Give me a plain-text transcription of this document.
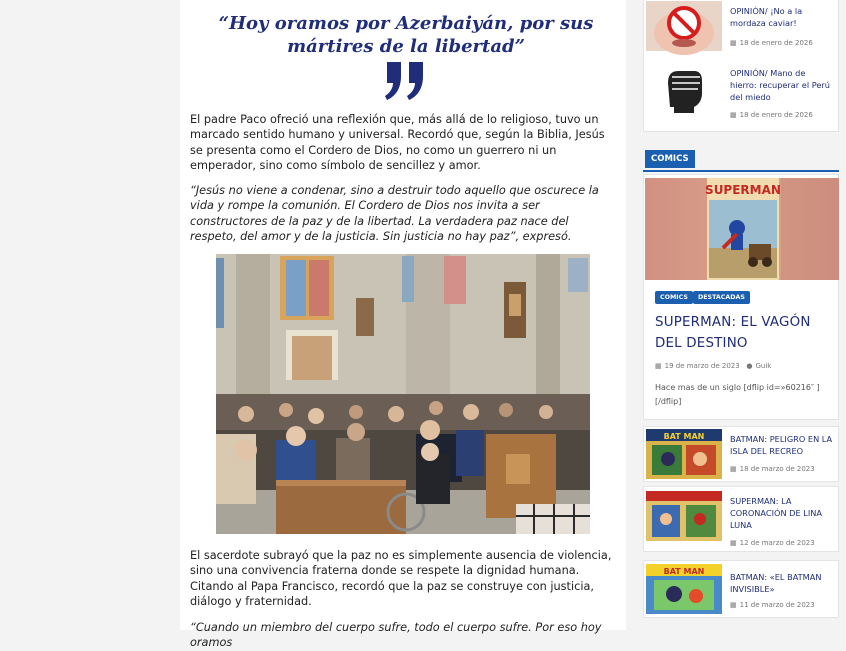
“Hoy oramos por Azerbaiyán, por sus mártires de la libertad”

El padre Paco ofreció una reflexión que, más allá de lo religioso, tuvo un marcado sentido humano y universal. Recordó que, según la Biblia, Jesús se presenta como el Cordero de Dios, no como un guerrero ni un emperador, sino como símbolo de sencillez y amor.

“Jesús no viene a condenar, sino a destruir todo aquello que oscurece la vida y rompe la comunión. El Cordero de Dios nos invita a ser constructores de la paz y de la libertad. La verdadera paz nace del respeto, del amor y de la justicia. Sin justicia no hay paz”, expresó.

El sacerdote subrayó que la paz no es simplemente ausencia de violencia, sino una convivencia fraterna donde se respete la dignidad humana. Citando al Papa Francisco, recordó que la paz se construye con justicia, diálogo y fraternidad.

“Cuando un miembro del cuerpo sufre, todo el cuerpo sufre. Por eso hoy oramos

OPINIÓN/ ¡No a la mordaza caviar!
▦ 18 de enero de 2026
OPINIÓN/ Mano de hierro: recuperar el Perú del miedo
▦ 18 de enero de 2026
COMICS
SUPERMAN
COMICS	DESTACADAS
SUPERMAN: EL VAGÓN DEL DESTINO
▦ 19 de marzo de 2023 ● Guik
Hace mas de un siglo [dflip id=»60216″ ][/dflip]
BAT MAN	BATMAN: PELIGRO EN LA ISLA DEL RECREO
▦ 18 de marzo de 2023
SUPERMAN: LA CORONACIÓN DE LINA LUNA
▦ 12 de marzo de 2023
BAT MAN
BATMAN: «EL BATMAN INVISIBLE»
▦ 11 de marzo de 2023
